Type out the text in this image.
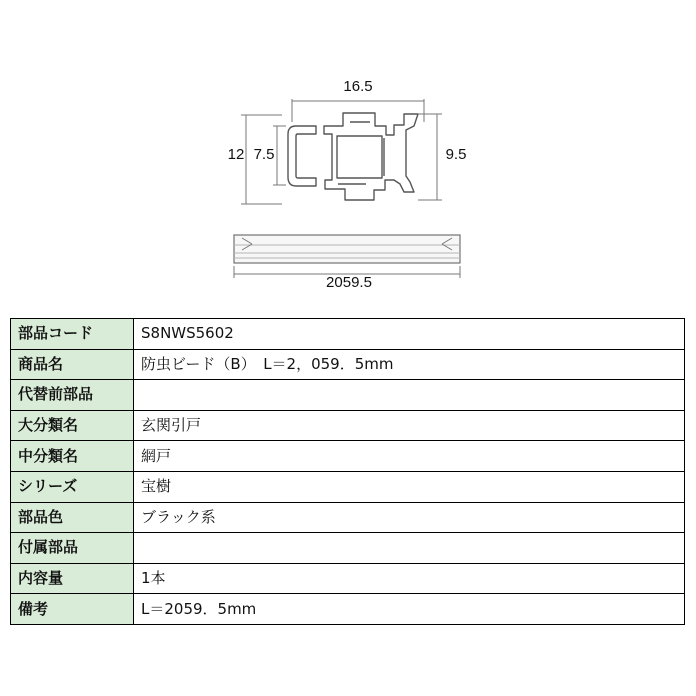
16.5
12 7.5	9.5
2059.5
部品コード	S8NWS5602
商品名	防虫ビード（B）　L＝2，059．5mm
代替前部品	
大分類名	玄関引戸
中分類名	網戸
シリーズ	宝樹
部品色	ブラック系
付属部品	
内容量	1本
備考	L＝2059．5mm
